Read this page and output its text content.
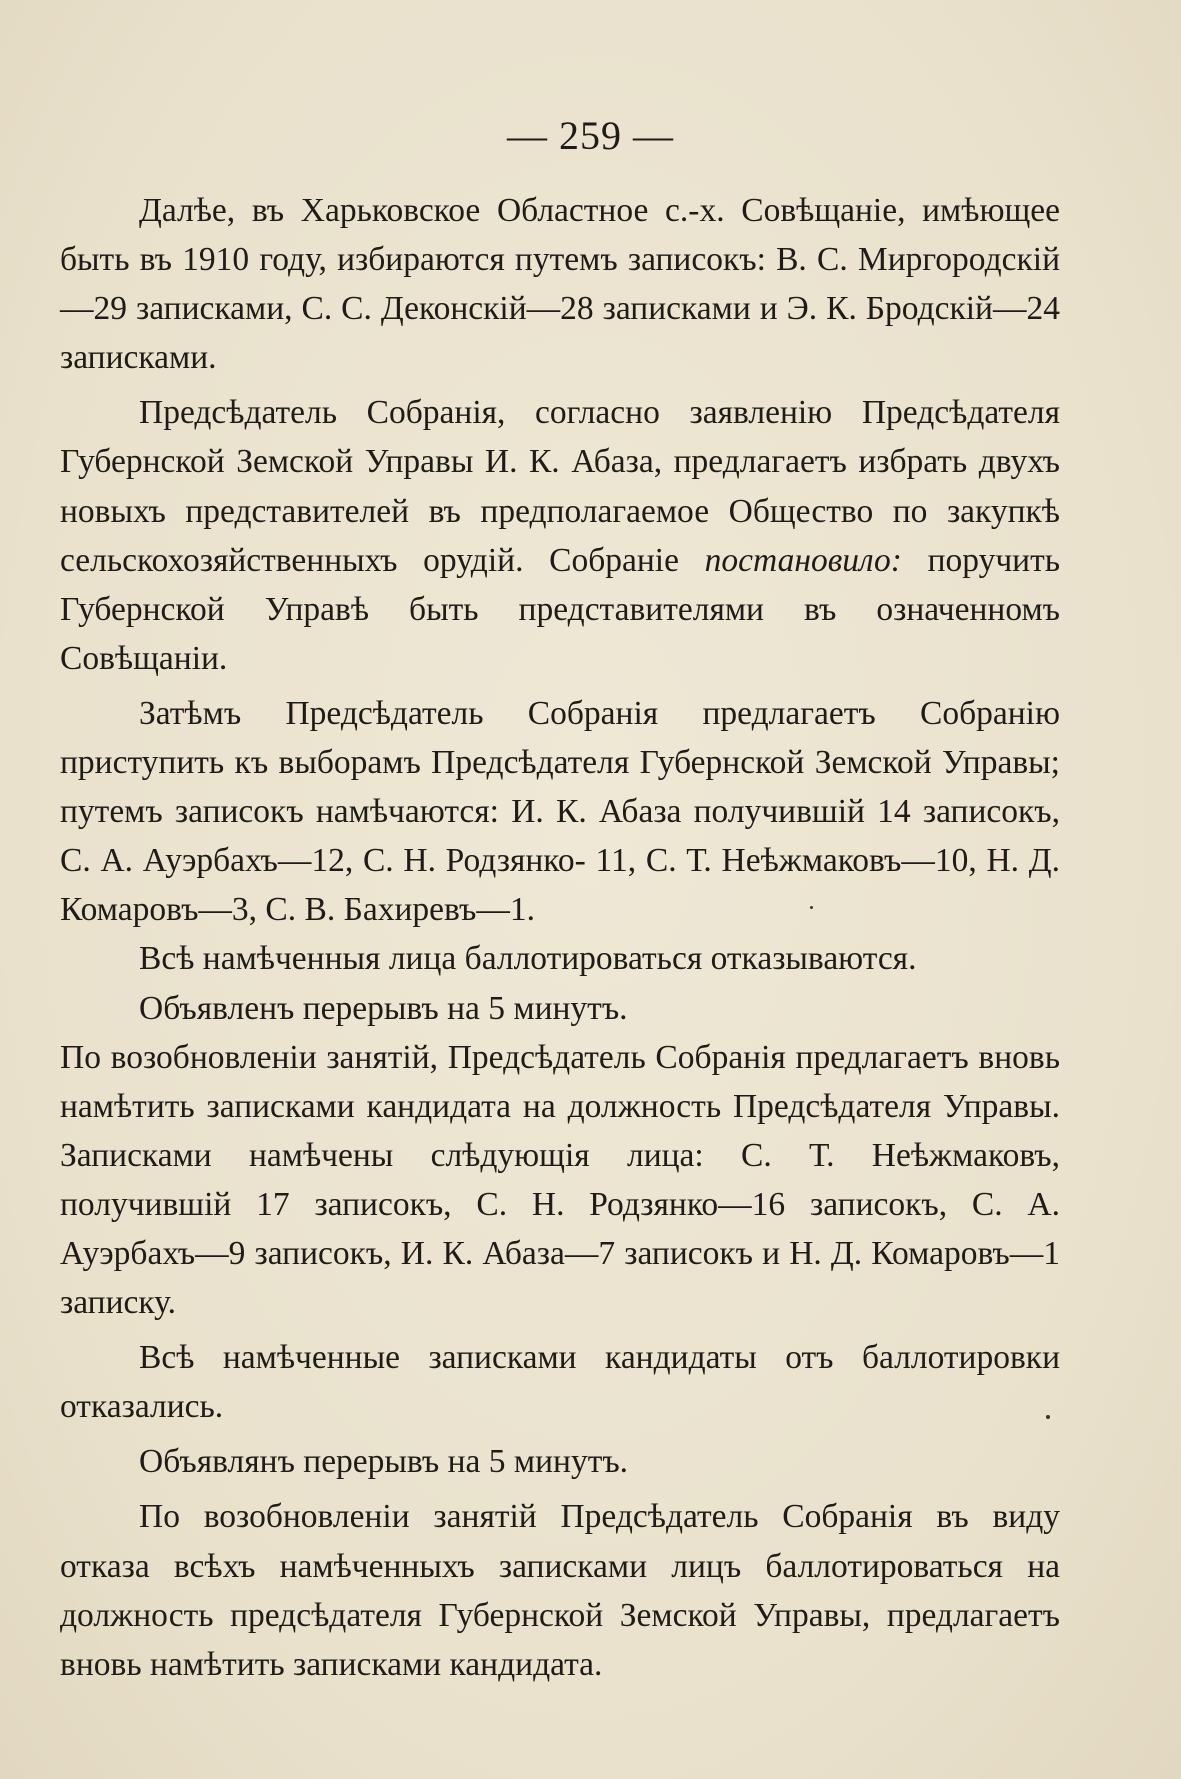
— 259 —

Далѣе, въ Харьковское Областное с.-х. Совѣщаніе, имѣющее быть въ 1910 году, избираются путемъ записокъ: В. С. Миргородскій—29 записками, С. С. Деконскій—28 записками и Э. К. Бродскій—24 записками.

Предсѣдатель Собранія, согласно заявленію Предсѣдателя Губернской Земской Управы И. К. Абаза, предлагаетъ избрать двухъ новыхъ представителей въ предполагаемое Общество по закупкѣ сельскохозяйственныхъ орудій. Собраніе постановило: поручить Губернской Управѣ быть представителями въ означенномъ Совѣщаніи.

Затѣмъ Предсѣдатель Собранія предлагаетъ Собранію приступить къ выборамъ Предсѣдателя Губернской Земской Управы; путемъ записокъ намѣчаются: И. К. Абаза получившій 14 записокъ, С. А. Ауэрбахъ—12, С. Н. Родзянко- 11, С. Т. Неѣжмаковъ—10, Н. Д. Комаровъ—3, С. В. Бахиревъ—1.

Всѣ намѣченныя лица баллотироваться отказываются.

Объявленъ перерывъ на 5 минутъ.

По возобновленіи занятій, Предсѣдатель Собранія предлагаетъ вновь намѣтить записками кандидата на должность Предсѣдателя Управы. Записками намѣчены слѣдующія лица: С. Т. Неѣжмаковъ, получившій 17 записокъ, С. Н. Родзянко—16 записокъ, С. А. Ауэрбахъ—9 записокъ, И. К. Абаза—7 записокъ и Н. Д. Комаровъ—1 записку.

Всѣ намѣченные записками кандидаты отъ баллотировки отказались.

Объявлянъ перерывъ на 5 минутъ.

По возобновленіи занятій Предсѣдатель Собранія въ виду отказа всѣхъ намѣченныхъ записками лицъ баллотироваться на должность предсѣдателя Губернской Земской Управы, предлагаетъ вновь намѣтить записками кандидата.
